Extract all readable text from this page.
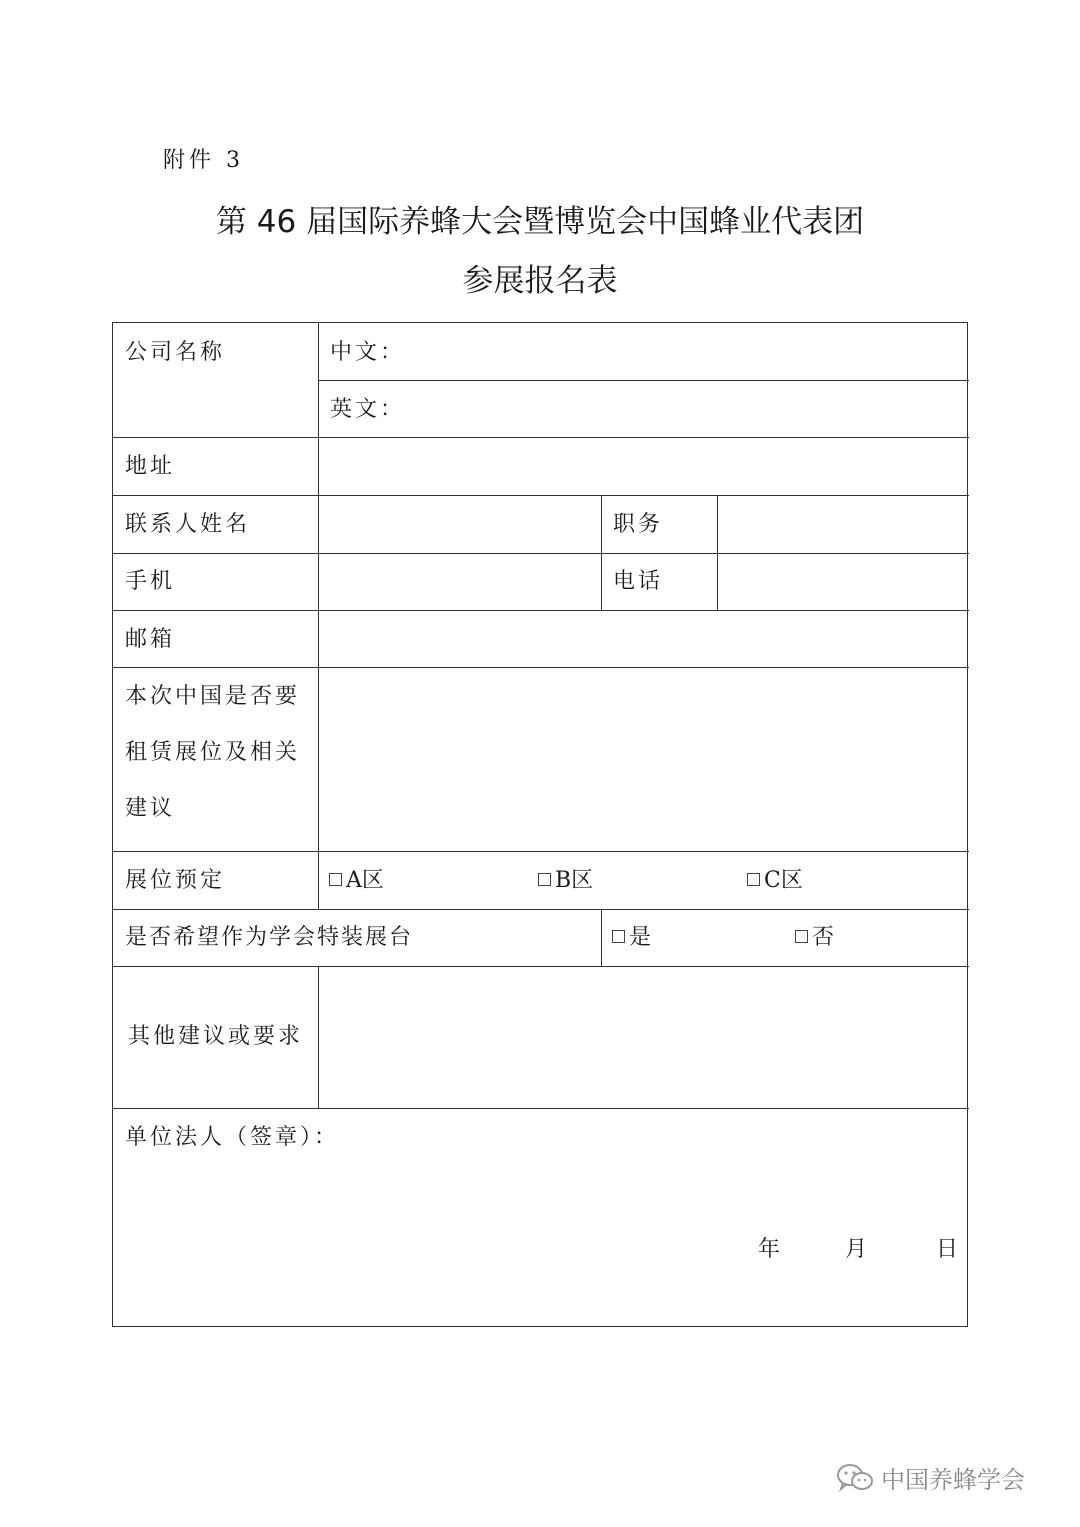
附件 3
第 46 届国际养蜂大会暨博览会中国蜂业代表团
参展报名表
公司名称	中文：
英文：
地址
联系人姓名	职务
手机	电话
邮箱
本次中国是否要
租赁展位及相关
建议
展位预定	A区	B区	C区
是否希望作为学会特装展台	是	否
其他建议或要求
单位法人（签章）：
年	月	日
中国养蜂学会
